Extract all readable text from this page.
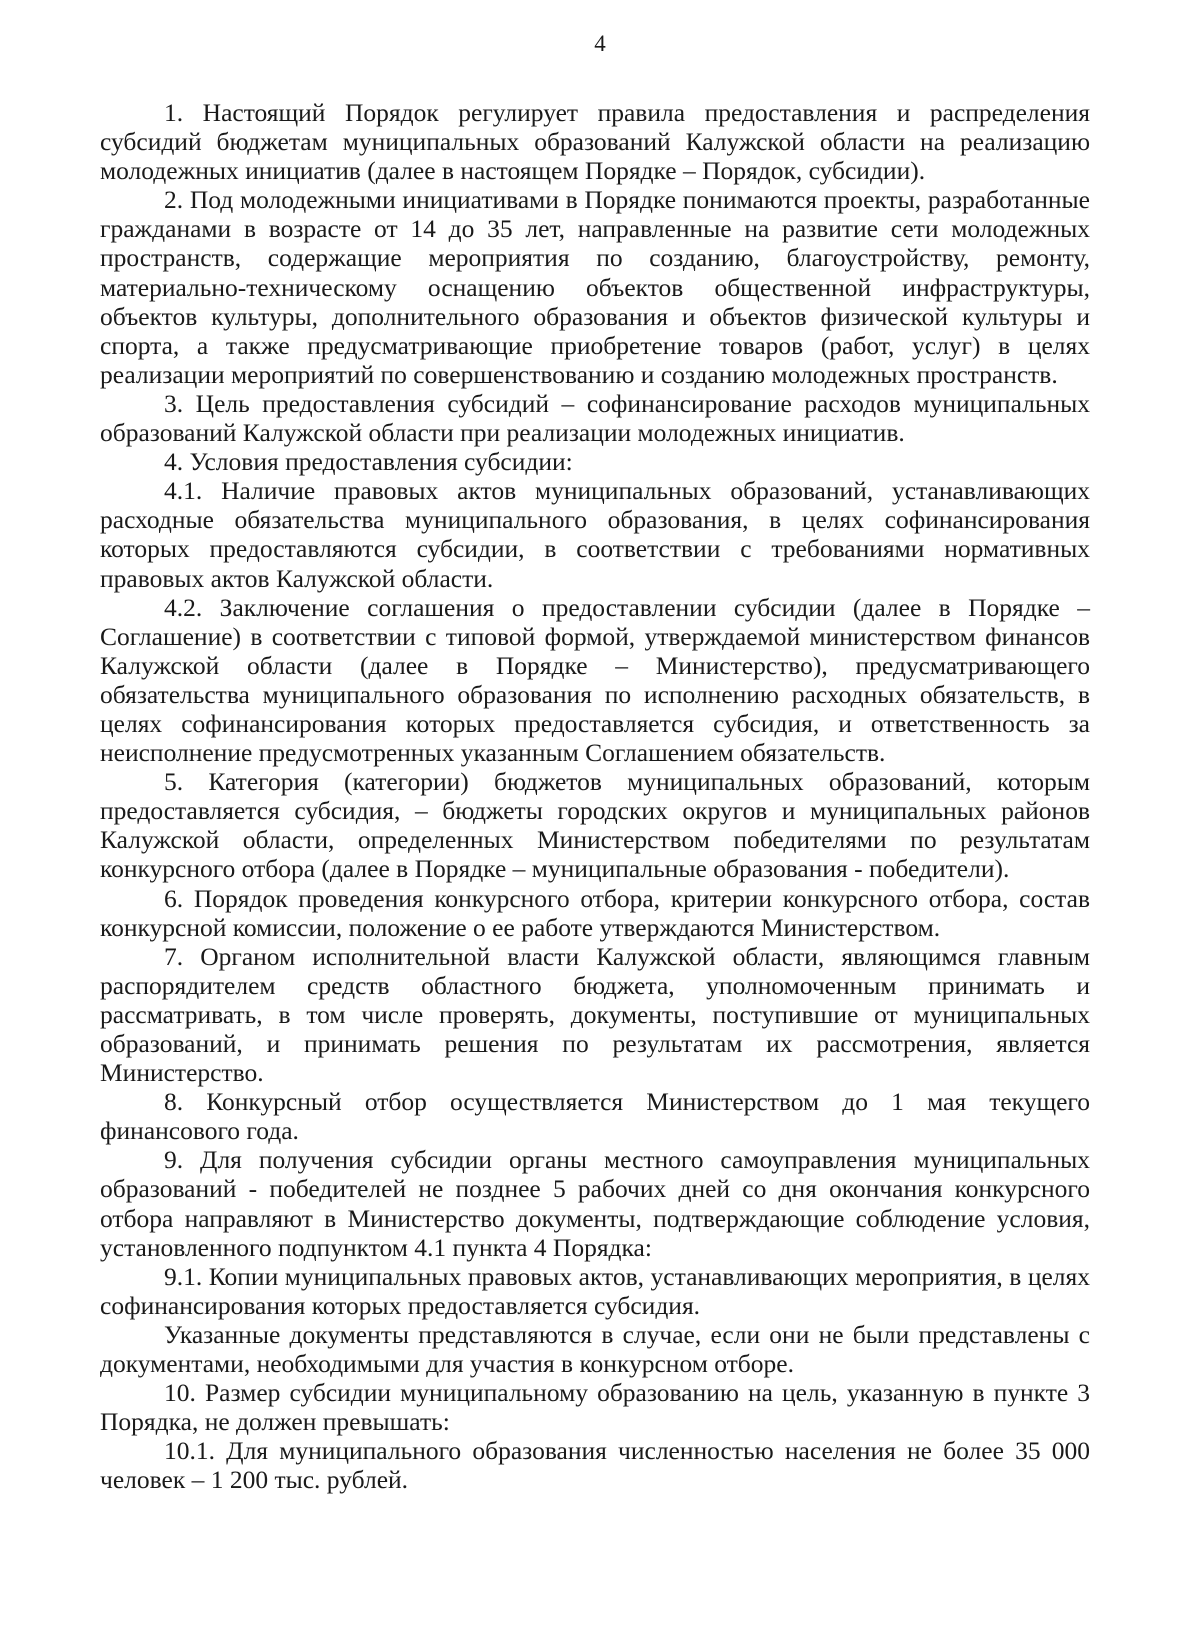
4

1. Настоящий Порядок регулирует правила предоставления и распределения субсидий бюджетам муниципальных образований Калужской области на реализацию молодежных инициатив (далее в настоящем Порядке – Порядок, субсидии).

2. Под молодежными инициативами в Порядке понимаются проекты, разработанные гражданами в возрасте от 14 до 35 лет, направленные на развитие сети молодежных пространств, содержащие мероприятия по созданию, благоустройству, ремонту, материально-техническому оснащению объектов общественной инфраструктуры, объектов культуры, дополнительного образования и объектов физической культуры и спорта, а также предусматривающие приобретение товаров (работ, услуг) в целях реализации мероприятий по совершенствованию и созданию молодежных пространств.

3. Цель предоставления субсидий – софинансирование расходов муниципальных образований Калужской области при реализации молодежных инициатив.

4. Условия предоставления субсидии:

4.1. Наличие правовых актов муниципальных образований, устанавливающих расходные обязательства муниципального образования, в целях софинансирования которых предоставляются субсидии, в соответствии с требованиями нормативных правовых актов Калужской области.

4.2. Заключение соглашения о предоставлении субсидии (далее в Порядке – Соглашение) в соответствии с типовой формой, утверждаемой министерством финансов Калужской области (далее в Порядке – Министерство), предусматривающего обязательства муниципального образования по исполнению расходных обязательств, в целях софинансирования которых предоставляется субсидия, и ответственность за неисполнение предусмотренных указанным Соглашением обязательств.

5. Категория (категории) бюджетов муниципальных образований, которым предоставляется субсидия, – бюджеты городских округов и муниципальных районов Калужской области, определенных Министерством победителями по результатам конкурсного отбора (далее в Порядке – муниципальные образования - победители).

6. Порядок проведения конкурсного отбора, критерии конкурсного отбора, состав конкурсной комиссии, положение о ее работе утверждаются Министерством.

7. Органом исполнительной власти Калужской области, являющимся главным распорядителем средств областного бюджета, уполномоченным принимать и рассматривать, в том числе проверять, документы, поступившие от муниципальных образований, и принимать решения по результатам их рассмотрения, является Министерство.

8. Конкурсный отбор осуществляется Министерством до 1 мая текущего финансового года.

9. Для получения субсидии органы местного самоуправления муниципальных образований - победителей не позднее 5 рабочих дней со дня окончания конкурсного отбора направляют в Министерство документы, подтверждающие соблюдение условия, установленного подпунктом 4.1 пункта 4 Порядка:

9.1. Копии муниципальных правовых актов, устанавливающих мероприятия, в целях софинансирования которых предоставляется субсидия.

Указанные документы представляются в случае, если они не были представлены с документами, необходимыми для участия в конкурсном отборе.

10. Размер субсидии муниципальному образованию на цель, указанную в пункте 3 Порядка, не должен превышать:

10.1. Для муниципального образования численностью населения не более 35 000 человек – 1 200 тыс. рублей.
